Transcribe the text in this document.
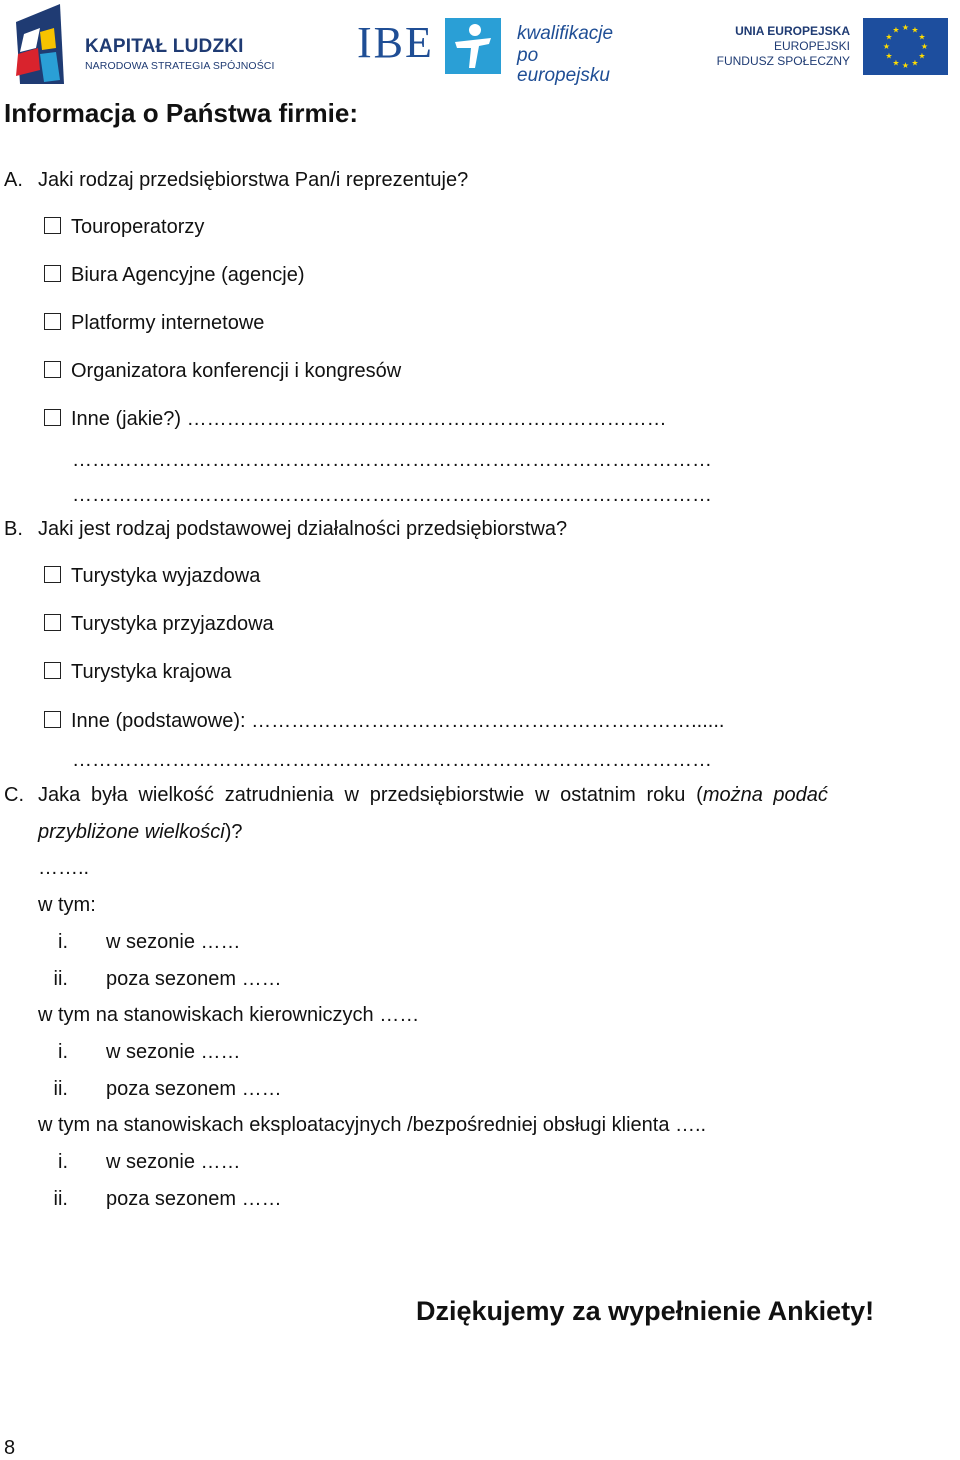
KAPITAŁ LUDZKI
NARODOWA STRATEGIA SPÓJNOŚCI IBE	kwalifikacje
po europejsku
UNIA EUROPEJSKA
EUROPEJSKI
FUNDUSZ SPOŁECZNY
★ ★
★
★
★
★
★
★
★
★
★
★
Informacja o Państwa firmie:
A. Jaki rodzaj przedsiębiorstwa Pan/i reprezentuje?
Touroperatorzy
Biura Agencyjne (agencje)
Platformy internetowe
Organizatora konferencji i kongresów
Inne (jakie?) ………………………………………………………………
……………………………………………………………………………………
……………………………………………………………………………………
B. Jaki jest rodzaj podstawowej działalności przedsiębiorstwa?
Turystyka wyjazdowa
Turystyka przyjazdowa
Turystyka krajowa
Inne (podstawowe): …………………………………………………………......
……………………………………………………………………………………
C. Jaka była wielkość zatrudnienia w przedsiębiorstwie w ostatnim roku (można podać
przybliżone wielkości)?
……..
w tym:
i. w sezonie ……
ii. poza sezonem ……
w tym na stanowiskach kierowniczych ……
i. w sezonie ……
ii. poza sezonem ……
w tym na stanowiskach eksploatacyjnych /bezpośredniej obsługi klienta …..
i. w sezonie ……
ii. poza sezonem ……
Dziękujemy za wypełnienie Ankiety!
8
